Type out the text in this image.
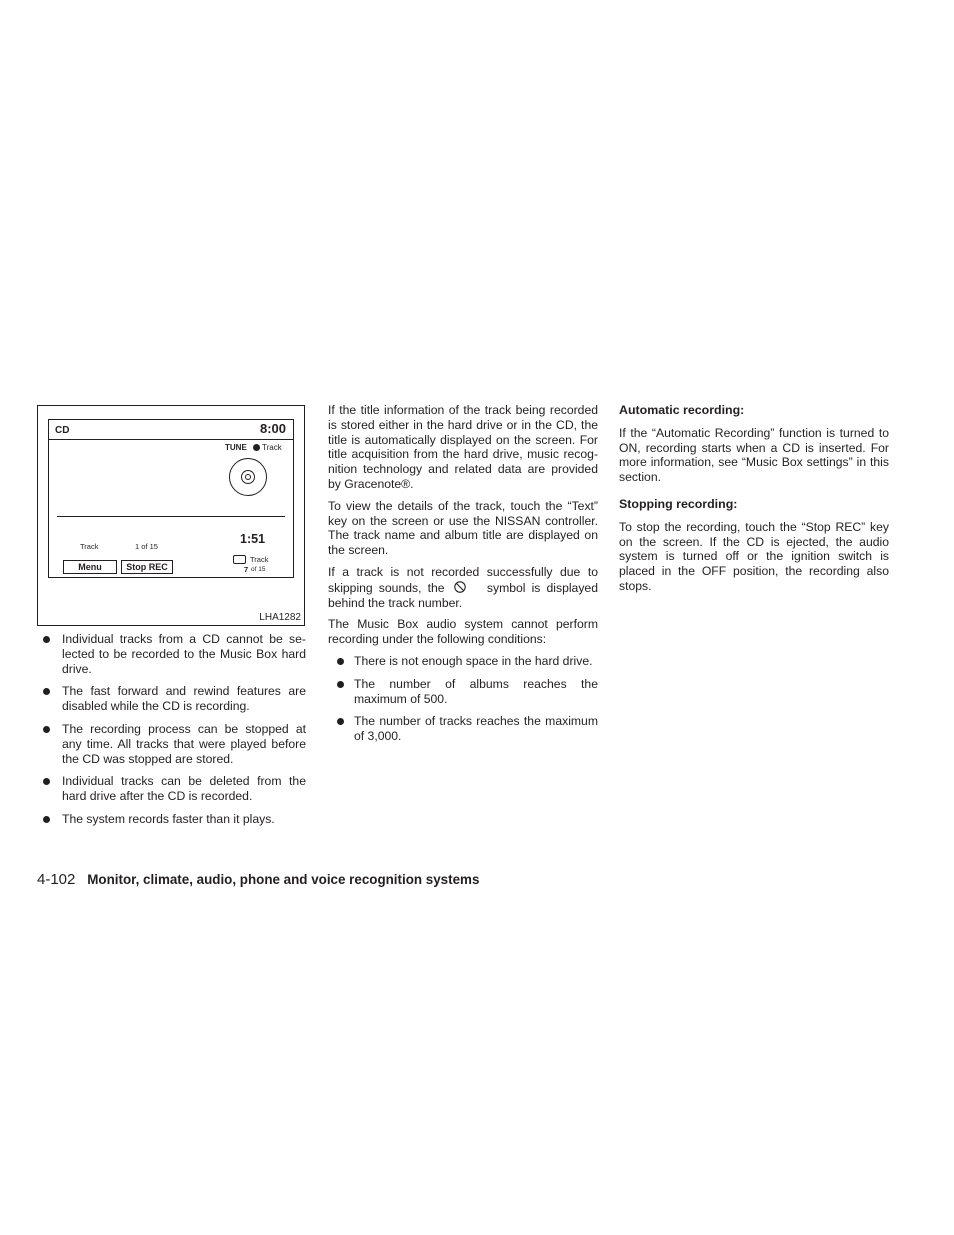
CD	8:00
TUNE Track
Track	1 of 15
1:51
Menu	Stop REC
Track
7 of 15
LHA1282
Individual tracks from a CD cannot be se-lected to be recorded to the Music Box hard drive.
The fast forward and rewind features are disabled while the CD is recording.
The recording process can be stopped at any time. All tracks that were played before the CD was stopped are stored.
Individual tracks can be deleted from the hard drive after the CD is recorded.
The system records faster than it plays.

If the title information of the track being recorded is stored either in the hard drive or in the CD, the title is automatically displayed on the screen. For title acquisition from the hard drive, music recog-nition technology and related data are provided by Gracenote®.

To view the details of the track, touch the “Text” key on the screen or use the NISSAN controller. The track name and album title are displayed on the screen.

If a track is not recorded successfully due to skipping sounds, the	symbol is displayed behind the track number.

The Music Box audio system cannot perform recording under the following conditions:

There is not enough space in the hard drive.
The number of albums reaches the maximum of 500.
The number of tracks reaches the maximum of 3,000.
Automatic recording:

If the “Automatic Recording” function is turned to ON, recording starts when a CD is inserted. For more information, see “Music Box settings” in this section.

Stopping recording:

To stop the recording, touch the “Stop REC” key on the screen. If the CD is ejected, the audio system is turned off or the ignition switch is placed in the OFF position, the recording also stops.

4-102 Monitor, climate, audio, phone and voice recognition systems
